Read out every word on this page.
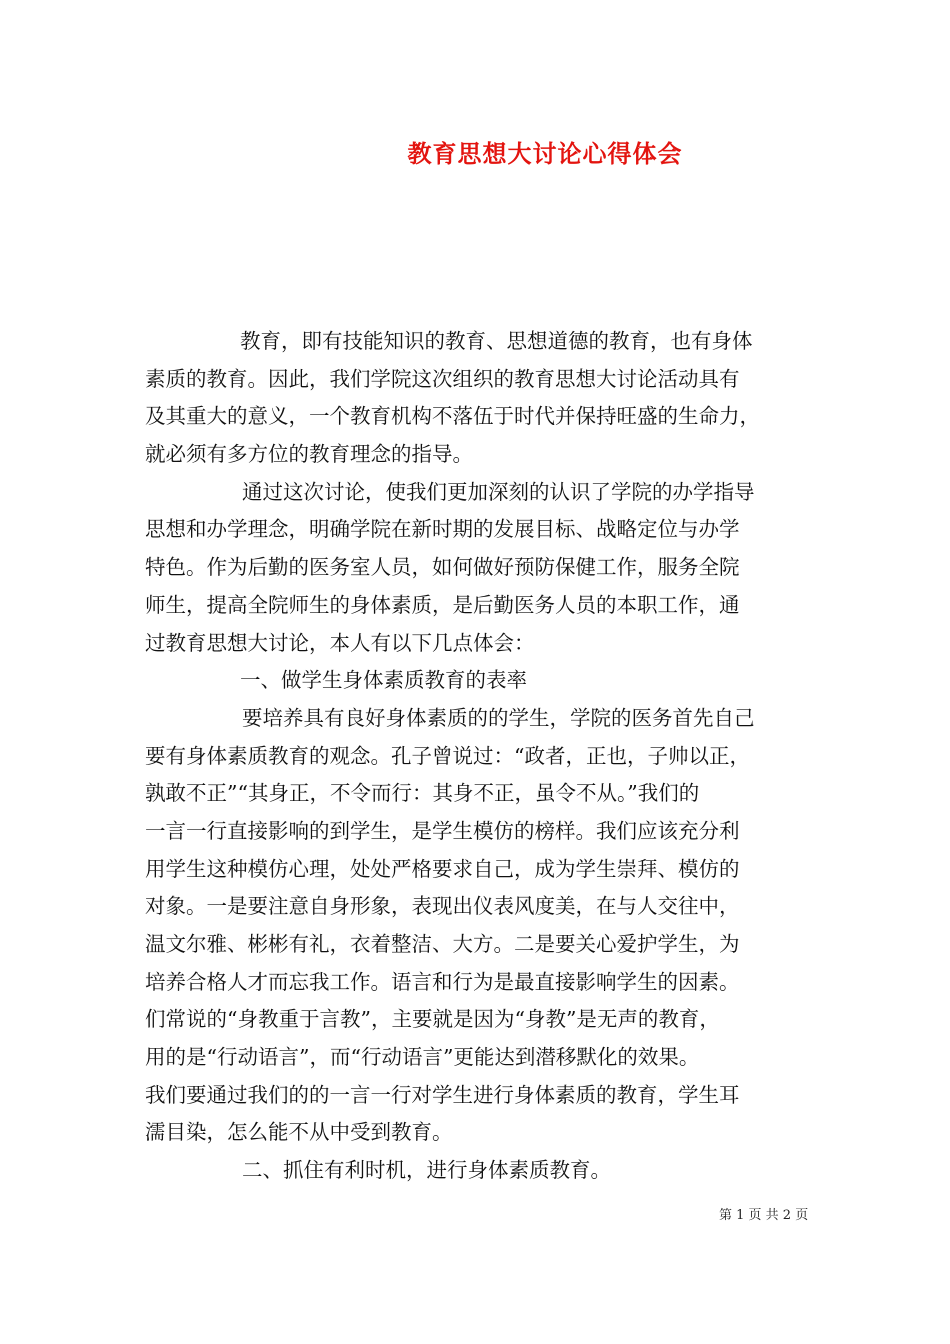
教育思想大讨论心得体会
教育，即有技能知识的教育、思想道德的教育，也有身体
素质的教育。因此，我们学院这次组织的教育思想大讨论活动具有
及其重大的意义，一个教育机构不落伍于时代并保持旺盛的生命力，
就必须有多方位的教育理念的指导。
通过这次讨论，使我们更加深刻的认识了学院的办学指导
思想和办学理念，明确学院在新时期的发展目标、战略定位与办学
特色。作为后勤的医务室人员，如何做好预防保健工作，服务全院
师生，提高全院师生的身体素质，是后勤医务人员的本职工作，通
过教育思想大讨论，本人有以下几点体会：
一、做学生身体素质教育的表率
要培养具有良好身体素质的的学生，学院的医务首先自己
要有身体素质教育的观念。孔子曾说过：“政者，正也，子帅以正，
孰敢不正”“其身正，不令而行：其身不正，虽令不从。”我们的
一言一行直接影响的到学生，是学生模仿的榜样。我们应该充分利
用学生这种模仿心理，处处严格要求自己，成为学生崇拜、模仿的
对象。一是要注意自身形象，表现出仪表风度美，在与人交往中，
温文尔雅、彬彬有礼，衣着整洁、大方。二是要关心爱护学生，为
培养合格人才而忘我工作。语言和行为是最直接影响学生的因素。
们常说的“身教重于言教”，主要就是因为“身教”是无声的教育，
用的是“行动语言”，而“行动语言”更能达到潜移默化的效果。
我们要通过我们的的一言一行对学生进行身体素质的教育，学生耳
濡目染，怎么能不从中受到教育。
二、抓住有利时机，进行身体素质教育。
第 1 页 共 2 页
